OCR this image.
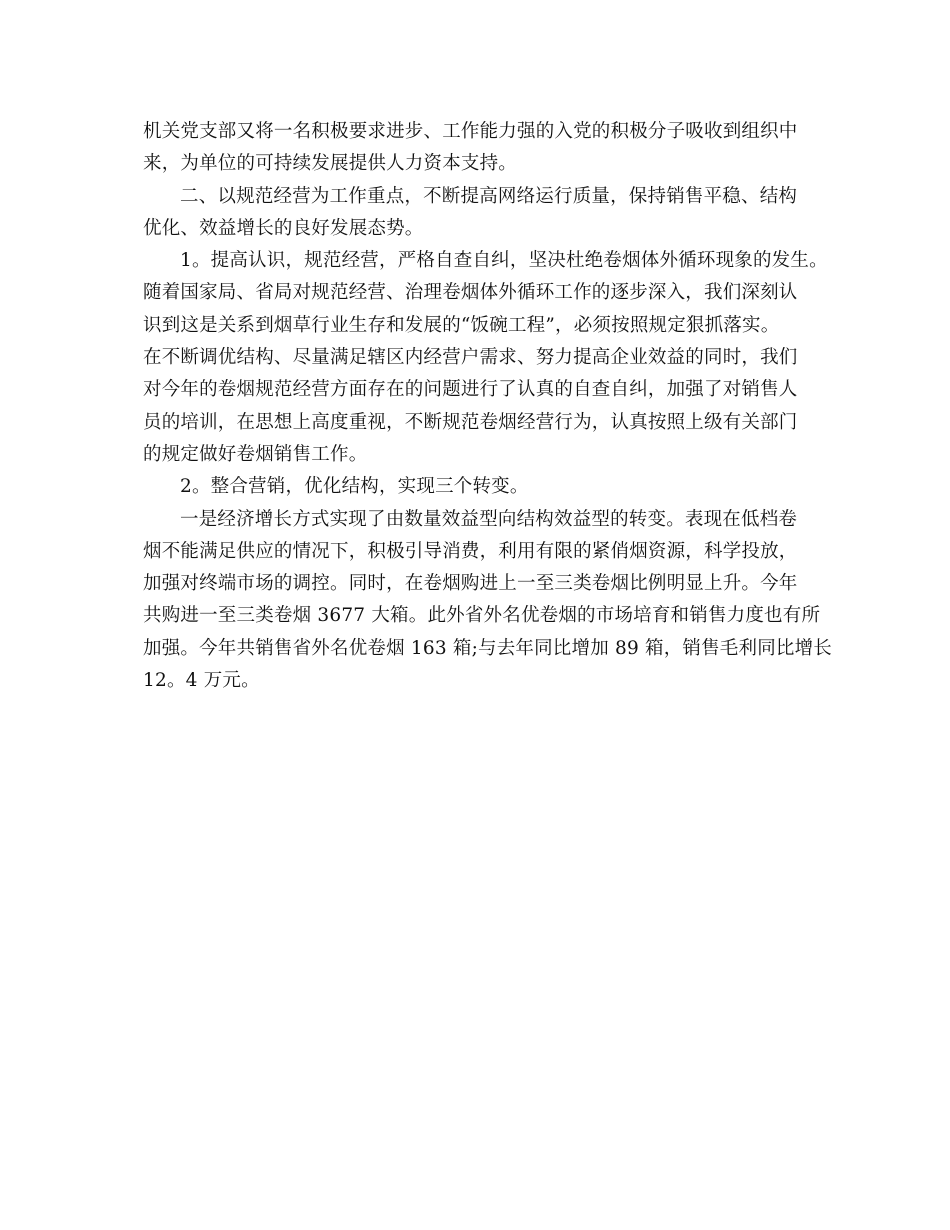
机关党支部又将一名积极要求进步、工作能力强的入党的积极分子吸收到组织中
来，为单位的可持续发展提供人力资本支持。
二、以规范经营为工作重点，不断提高网络运行质量，保持销售平稳、结构
优化、效益增长的良好发展态势。
1。提高认识，规范经营，严格自查自纠，坚决杜绝卷烟体外循环现象的发生。
随着国家局、省局对规范经营、治理卷烟体外循环工作的逐步深入，我们深刻认
识到这是关系到烟草行业生存和发展的“饭碗工程”，必须按照规定狠抓落实。
在不断调优结构、尽量满足辖区内经营户需求、努力提高企业效益的同时，我们
对今年的卷烟规范经营方面存在的问题进行了认真的自查自纠，加强了对销售人
员的培训，在思想上高度重视，不断规范卷烟经营行为，认真按照上级有关部门
的规定做好卷烟销售工作。
2。整合营销，优化结构，实现三个转变。
一是经济增长方式实现了由数量效益型向结构效益型的转变。表现在低档卷
烟不能满足供应的情况下，积极引导消费，利用有限的紧俏烟资源，科学投放，
加强对终端市场的调控。同时，在卷烟购进上一至三类卷烟比例明显上升。今年
共购进一至三类卷烟 3677 大箱。此外省外名优卷烟的市场培育和销售力度也有所
加强。今年共销售省外名优卷烟 163 箱;与去年同比增加 89 箱，销售毛利同比增长
12。4 万元。
